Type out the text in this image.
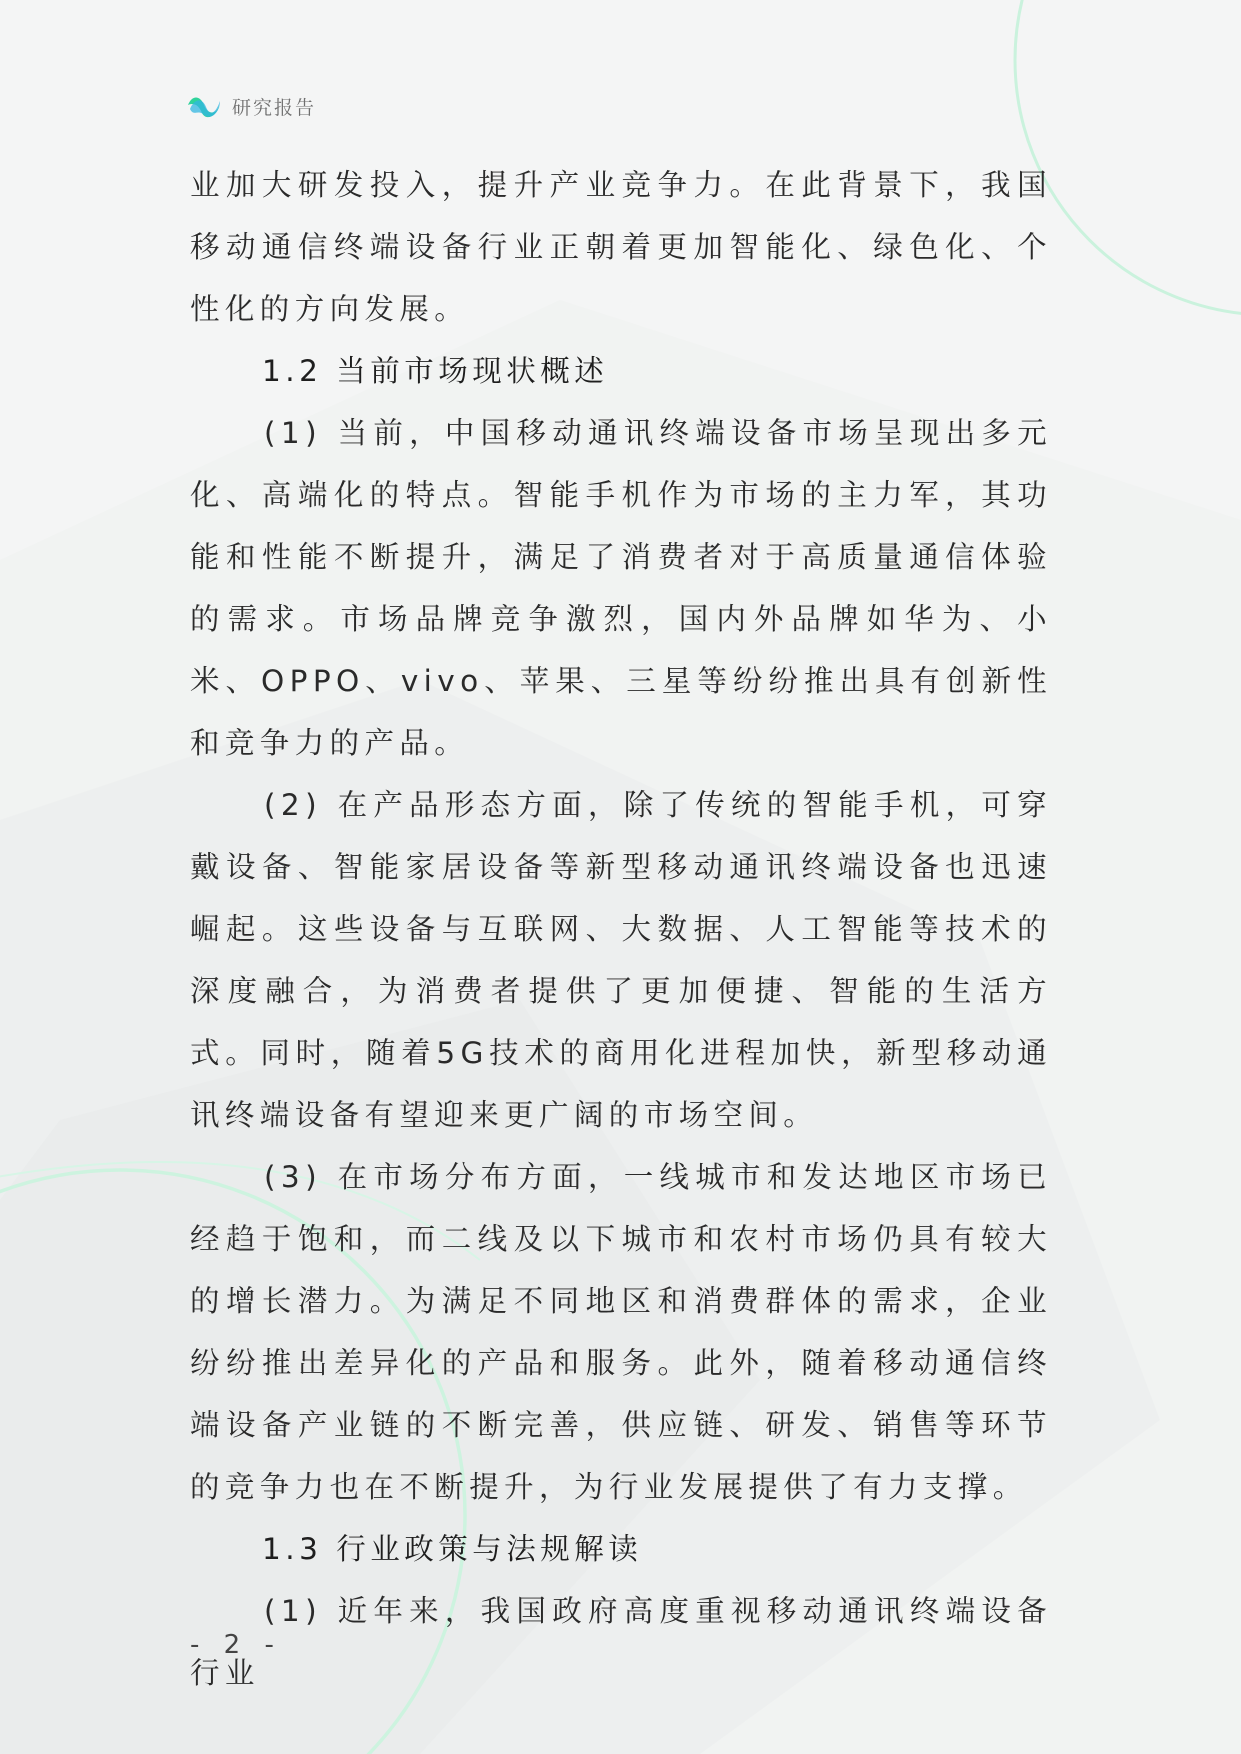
研究报告

业加大研发投入，提升产业竞争力。在此背景下，我国移动通信终端设备行业正朝着更加智能化、绿色化、个性化的方向发展。

1.2 当前市场现状概述

(1) 当前，中国移动通讯终端设备市场呈现出多元化、高端化的特点。智能手机作为市场的主力军，其功能和性能不断提升，满足了消费者对于高质量通信体验的需求。市场品牌竞争激烈，国内外品牌如华为、小米、OPPO、vivo、苹果、三星等纷纷推出具有创新性和竞争力的产品。

(2) 在产品形态方面，除了传统的智能手机，可穿戴设备、智能家居设备等新型移动通讯终端设备也迅速崛起。这些设备与互联网、大数据、人工智能等技术的深度融合，为消费者提供了更加便捷、智能的生活方式。同时，随着5G技术的商用化进程加快，新型移动通讯终端设备有望迎来更广阔的市场空间。

(3) 在市场分布方面，一线城市和发达地区市场已经趋于饱和，而二线及以下城市和农村市场仍具有较大的增长潜力。为满足不同地区和消费群体的需求，企业纷纷推出差异化的产品和服务。此外，随着移动通信终端设备产业链的不断完善，供应链、研发、销售等环节的竞争力也在不断提升，为行业发展提供了有力支撑。

1.3 行业政策与法规解读

(1) 近年来，我国政府高度重视移动通讯终端设备行业

- 2 -
